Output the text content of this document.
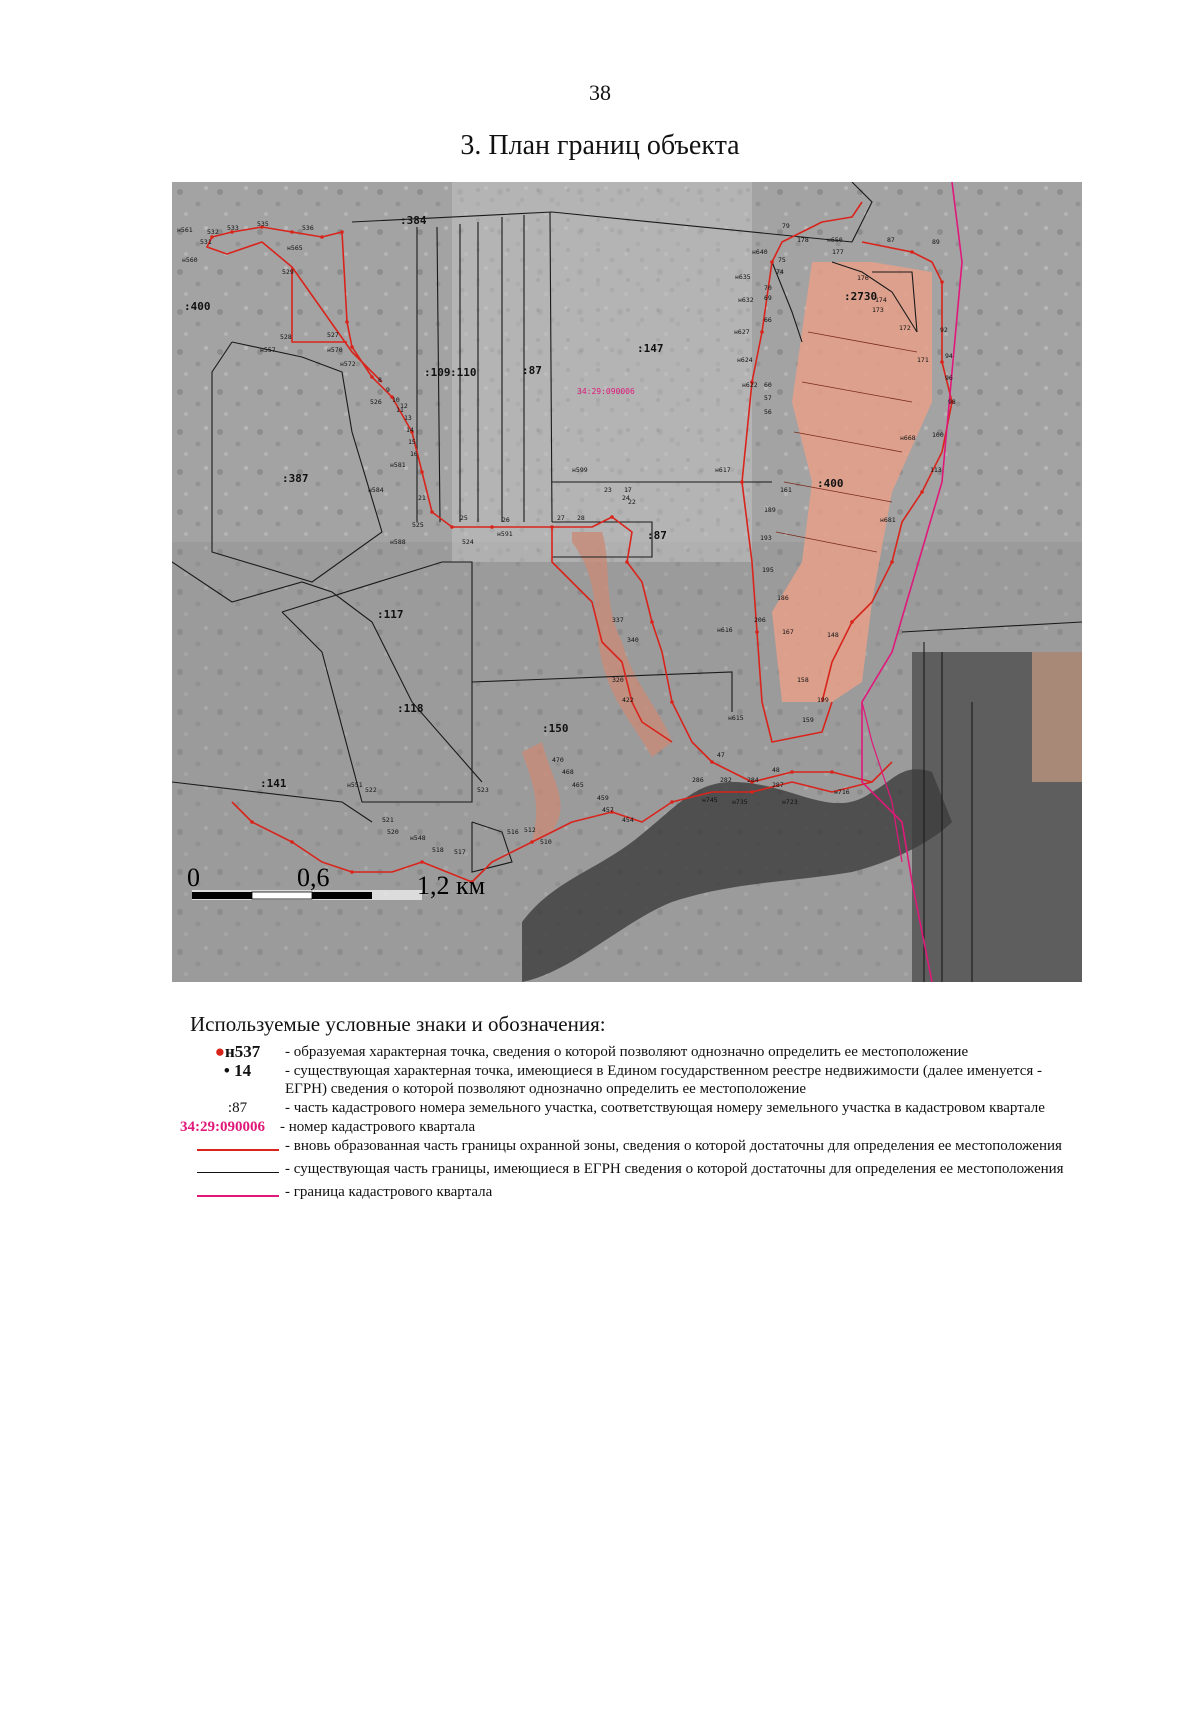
38
3. План границ объекта
:384
:400
:147
:87
:109 :110
:87
:2730
:400
:387
:117
:118
:150
:141
34:29:090006
н561 532 533	535	536
531
н560
н565
529
528
н557
527
н570
н572
526
н581
н584
525
н588	524
н591
н599
н640
н635
н632
н627
н624
н622
н617
н616
н615
178	н650	87	89
177
176
174
173
172
171
н668
н681
159
161
189
193
195
186
206
167	148
158
199
522
521
520
н548
518 517
516 512
510
н551
523
470
468
465
459
457
454
н745 н735	н723
н716
282 284
286
287
48
47
422
320
337
340
23
24
25	26	27 28
12
13
14
15
16
17
21	22
8
9
10
11	56
57
60
66
69
70
74
75
79
92
94
96
98
100
113
0	0,6	1,2 км
Используемые условные знаки и обозначения:
●н537	- образуемая характерная точка, сведения о которой позволяют однозначно определить ее местоположение
• 14	- существующая характерная точка, имеющиеся в Едином государственном реестре недвижимости (далее именуется - ЕГРН) сведения о которой позволяют однозначно определить ее местоположение
:87	- часть кадастрового номера земельного участка, соответствующая номеру земельного участка в кадастровом квартале
34:29:090006	- номер кадастрового квартала
- вновь образованная часть границы охранной зоны, сведения о которой достаточны для определения ее местоположения
- существующая часть границы, имеющиеся в ЕГРН сведения о которой достаточны для определения ее местоположения
- граница кадастрового квартала
